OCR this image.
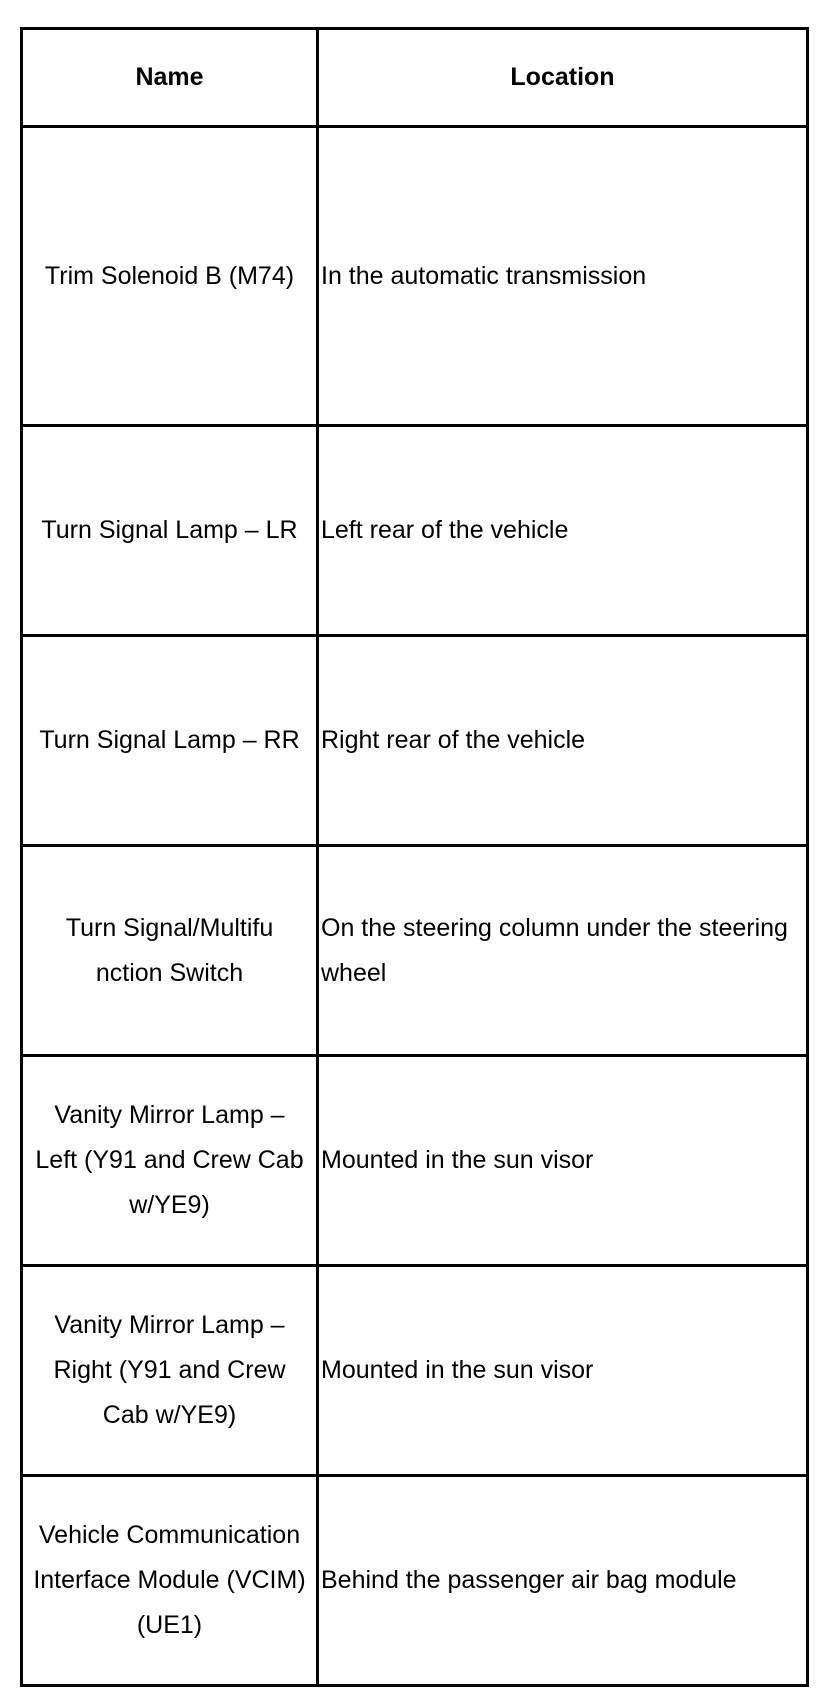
Name	Location
Trim Solenoid B (M74)	In the automatic transmission
Turn Signal Lamp – LR	Left rear of the vehicle
Turn Signal Lamp – RR	Right rear of the vehicle
Turn Signal/Multifunction Switch	On the steering column under the steering wheel
Vanity Mirror Lamp – Left (Y91 and Crew Cab w/YE9)	Mounted in the sun visor
Vanity Mirror Lamp – Right (Y91 and Crew Cab w/YE9)	Mounted in the sun visor
Vehicle Communication Interface Module (VCIM) (UE1)	Behind the passenger air bag module
